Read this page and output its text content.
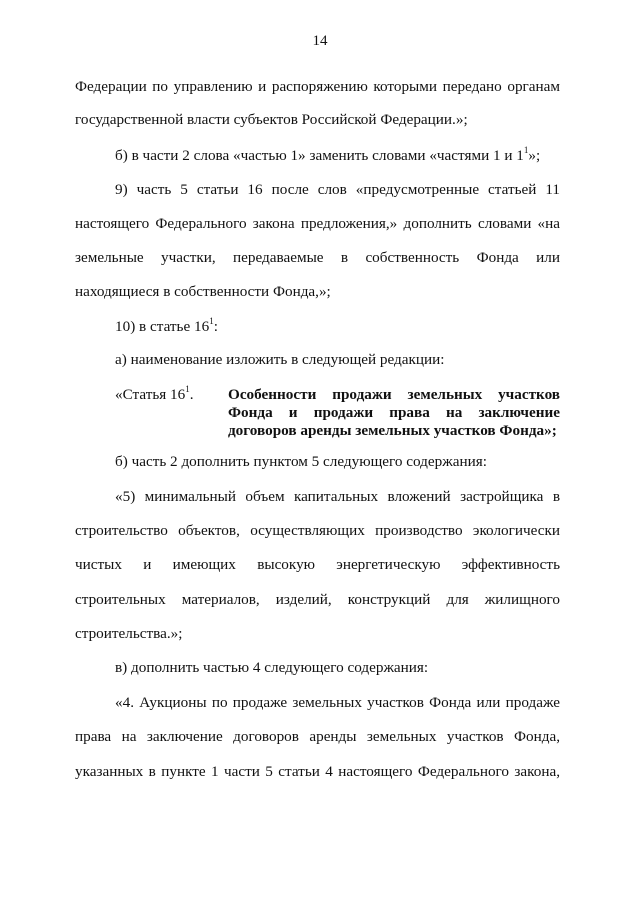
14
Федерации по управлению и распоряжению которыми передано органам
государственной власти субъектов Российской Федерации.»;
б) в части 2 слова «частью 1» заменить словами «частями 1 и $1^1$»;
9) часть 5 статьи 16 после слов «предусмотренные статьей 11
настоящего Федерального закона предложения,» дополнить словами «на
земельные участки, передаваемые в собственность Фонда или
находящиеся в собственности Фонда,»;
10) в статье $16^1$:
а) наименование изложить в следующей редакции:
«Статья $16^1$. Особенности продажи земельных участков
Фонда и продажи права на заключение
договоров аренды земельных участков Фонда»;
б) часть 2 дополнить пунктом 5 следующего содержания:
«5) минимальный объем капитальных вложений застройщика в
строительство объектов, осуществляющих производство экологически
чистых и имеющих высокую энергетическую эффективность
строительных материалов, изделий, конструкций для жилищного
строительства.»;
в) дополнить частью 4 следующего содержания:
«4. Аукционы по продаже земельных участков Фонда или продаже
права на заключение договоров аренды земельных участков Фонда,
указанных в пункте 1 части 5 статьи 4 настоящего Федерального закона,
